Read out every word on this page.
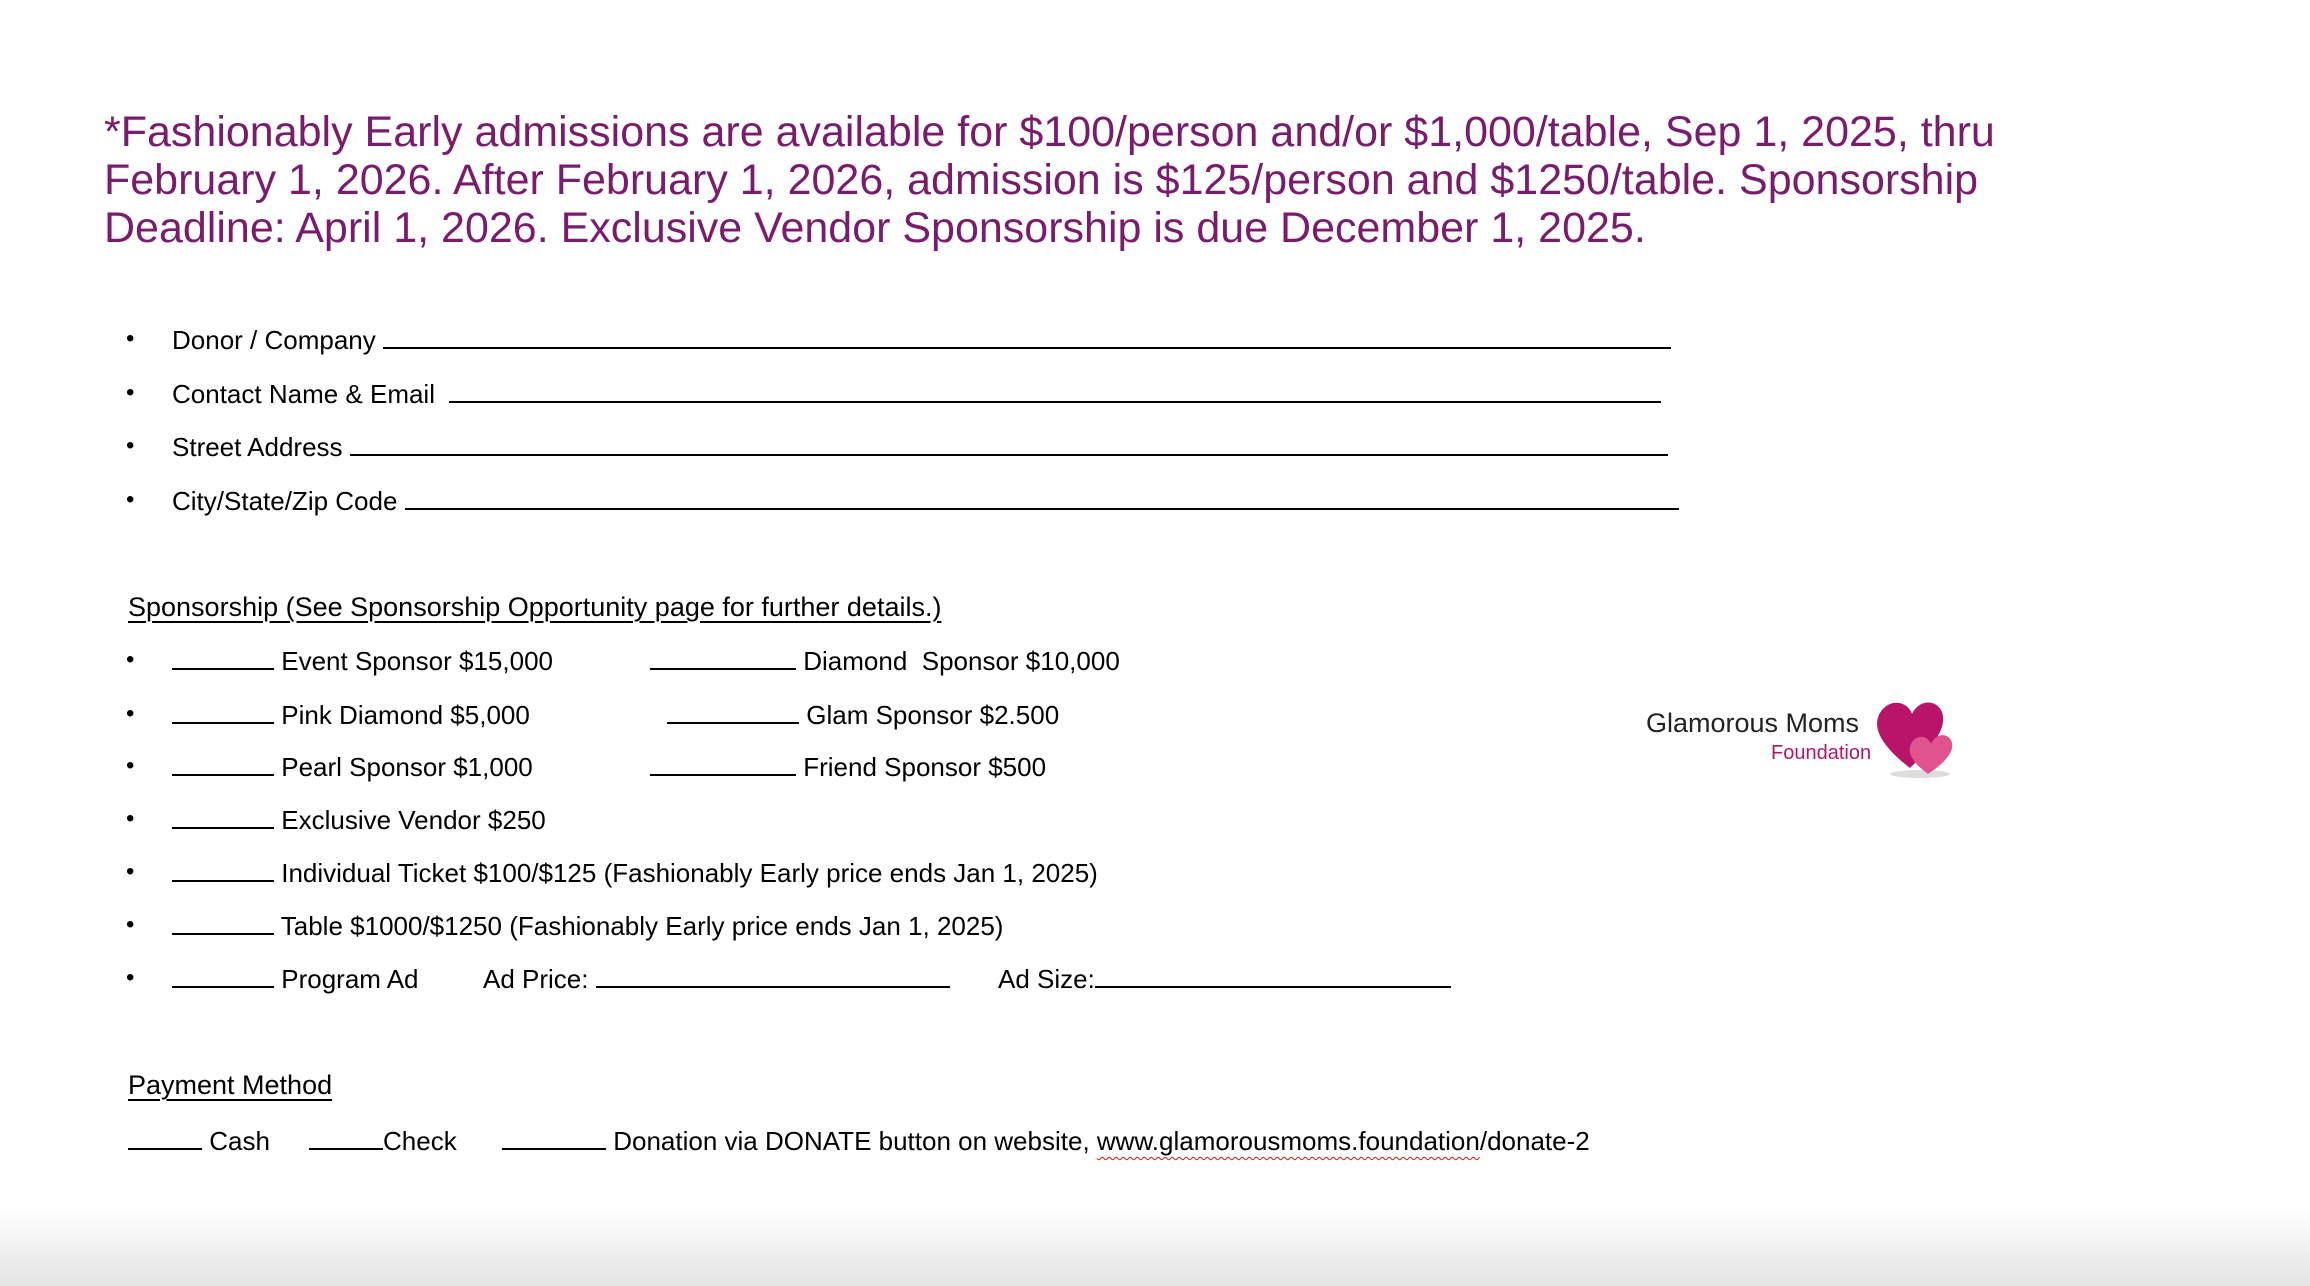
*Fashionably Early admissions are available for $100/person and/or $1,000/table, Sep 1, 2025, thru February 1, 2026. After February 1, 2026, admission is $125/person and $1250/table. Sponsorship Deadline: April 1, 2026. Exclusive Vendor Sponsorship is due December 1, 2025.

• Donor / Company
• Contact Name & Email
• Street Address
• City/State/Zip Code
Sponsorship (See Sponsorship Opportunity page for further details.)
•	Event Sponsor $15,000	Diamond  Sponsor $10,000
•	Pink Diamond $5,000	Glam Sponsor $2.500
•	Pearl Sponsor $1,000	Friend Sponsor $500
•	Exclusive Vendor $250
•	Individual Ticket $100/$125 (Fashionably Early price ends Jan 1, 2025)
•	Table $1000/$1250 (Fashionably Early price ends Jan 1, 2025)
•	Program Ad Ad Price:	Ad Size:
Payment Method
Cash	Check	Donation via DONATE button on website, www.glamorousmoms.foundation/donate-2
Glamorous Moms
Foundation
